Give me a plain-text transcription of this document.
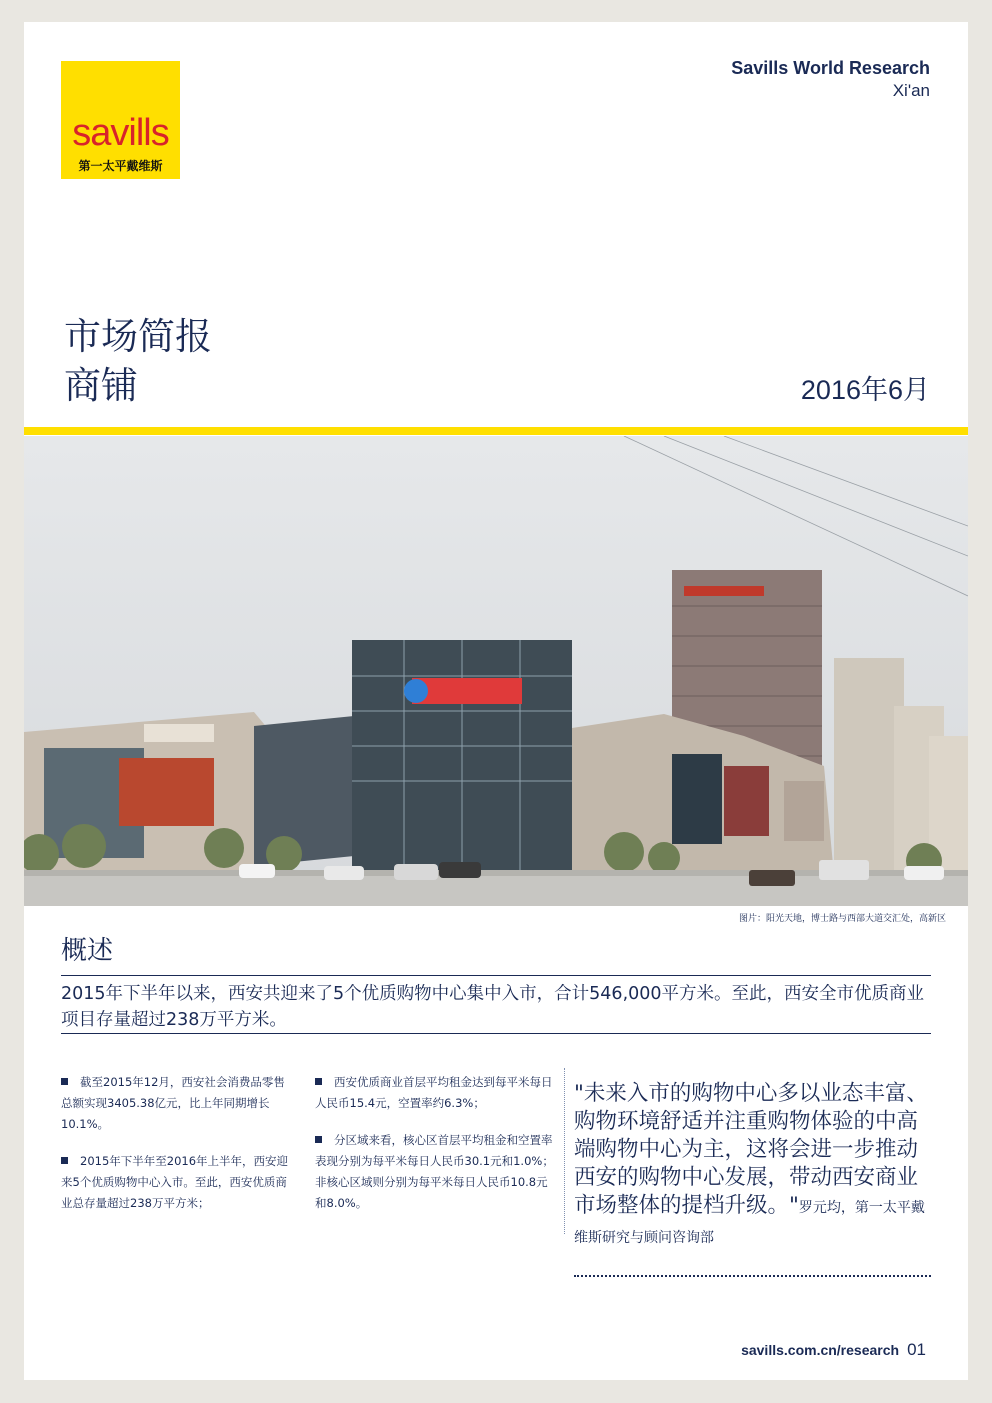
savills
第一太平戴维斯
Savills World Research
Xi'an
市场简报
商铺	2016年6月
图片：阳光天地，博士路与西部大道交汇处，高新区
概述
2015年下半年以来，西安共迎来了5个优质购物中心集中入市，合计546,000平方米。至此，西安全市优质商业项目存量超过238万平方米。

截至2015年12月，西安社会消费品零售总额实现3405.38亿元，比上年同期增长10.1%。

2015年下半年至2016年上半年，西安迎来5个优质购物中心入市。至此，西安优质商业总存量超过238万平方米；

西安优质商业首层平均租金达到每平米每日人民币15.4元，空置率约6.3%；

分区域来看，核心区首层平均租金和空置率表现分别为每平米每日人民币30.1元和1.0%；非核心区域则分别为每平米每日人民币10.8元和8.0%。

"未来入市的购物中心多以业态丰富、购物环境舒适并注重购物体验的中高端购物中心为主，这将会进一步推动西安的购物中心发展，带动西安商业市场整体的提档升级。"罗元均，第一太平戴维斯研究与顾问咨询部
savills.com.cn/research 01
